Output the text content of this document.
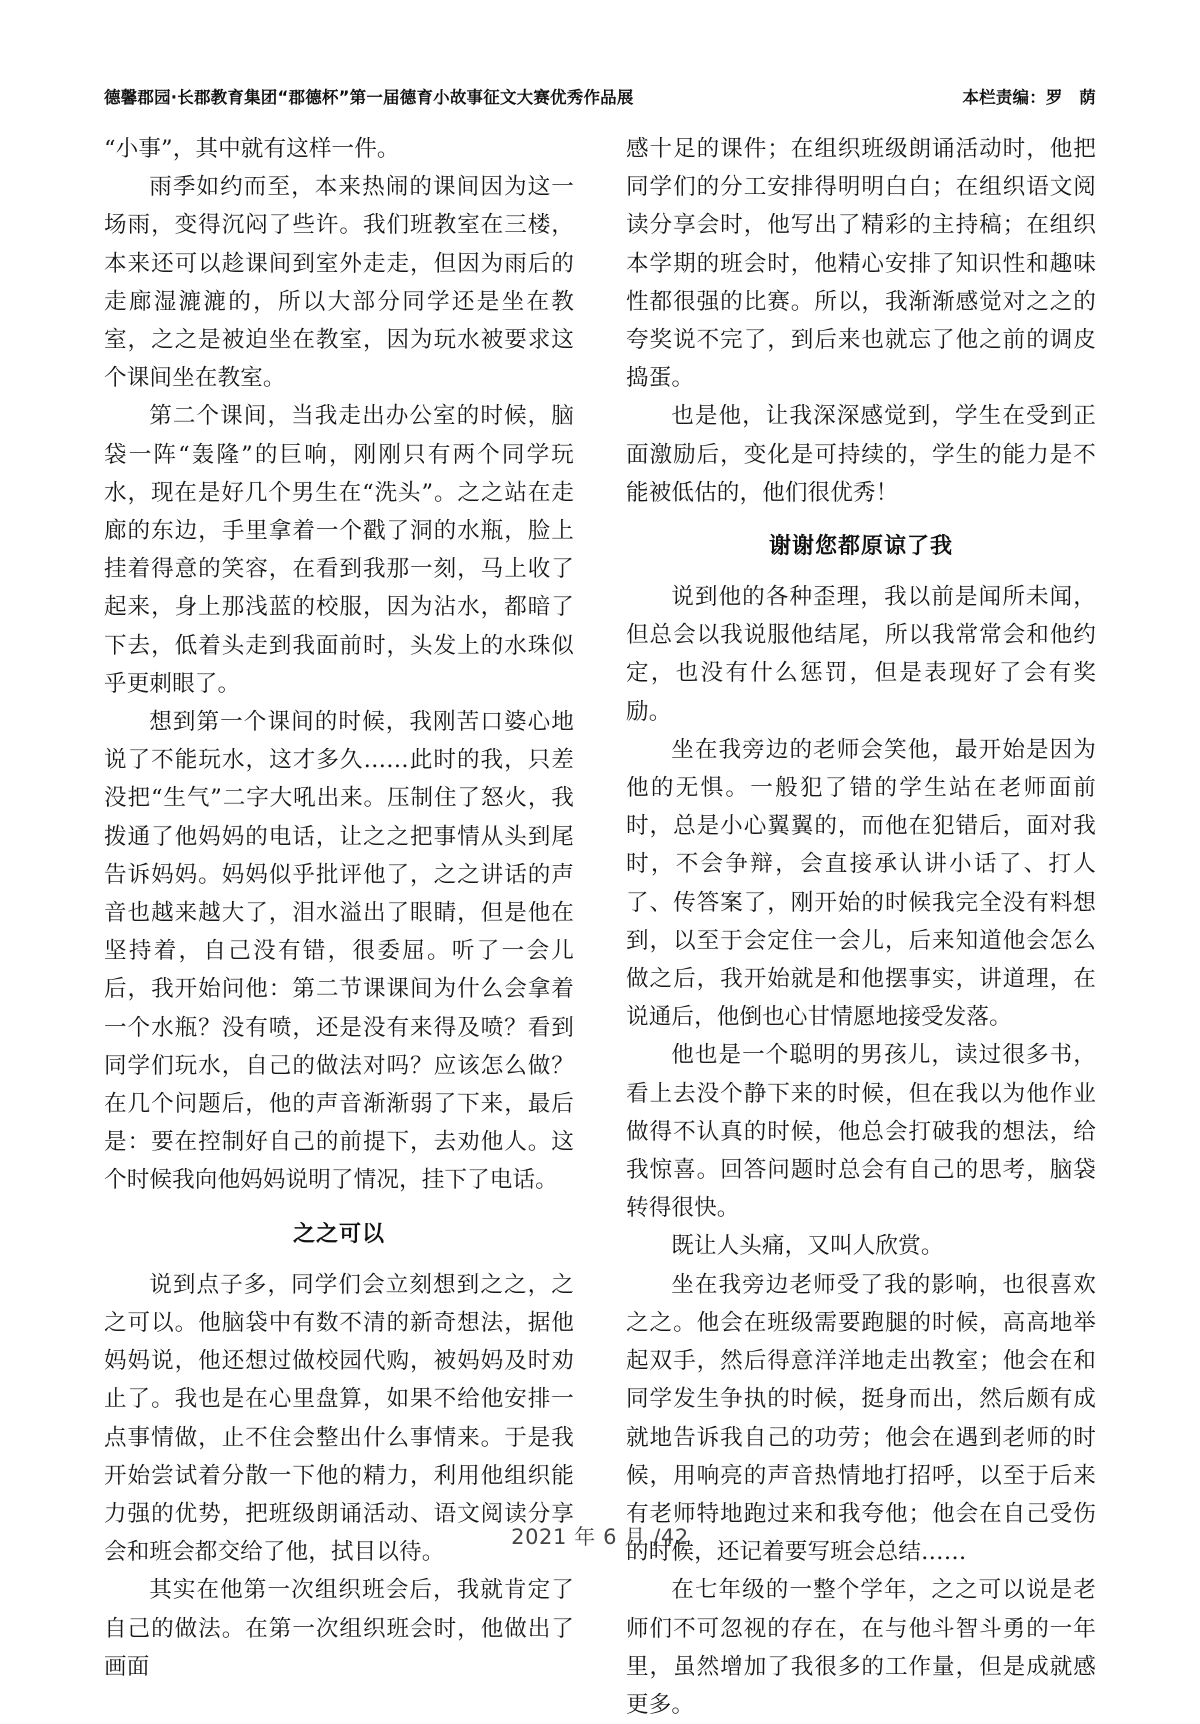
德馨郡园·长郡教育集团“郡德杯”第一届德育小故事征文大赛优秀作品展	本栏责编：罗　荫

“小事”，其中就有这样一件。

雨季如约而至，本来热闹的课间因为这一场雨，变得沉闷了些许。我们班教室在三楼，本来还可以趁课间到室外走走，但因为雨后的走廊湿漉漉的，所以大部分同学还是坐在教室，之之是被迫坐在教室，因为玩水被要求这个课间坐在教室。

第二个课间，当我走出办公室的时候，脑袋一阵“轰隆”的巨响，刚刚只有两个同学玩水，现在是好几个男生在“洗头”。之之站在走廊的东边，手里拿着一个戳了洞的水瓶，脸上挂着得意的笑容，在看到我那一刻，马上收了起来，身上那浅蓝的校服，因为沾水，都暗了下去，低着头走到我面前时，头发上的水珠似乎更刺眼了。

想到第一个课间的时候，我刚苦口婆心地说了不能玩水，这才多久……此时的我，只差没把“生气”二字大吼出来。压制住了怒火，我拨通了他妈妈的电话，让之之把事情从头到尾告诉妈妈。妈妈似乎批评他了，之之讲话的声音也越来越大了，泪水溢出了眼睛，但是他在坚持着，自己没有错，很委屈。听了一会儿后，我开始问他：第二节课课间为什么会拿着一个水瓶？没有喷，还是没有来得及喷？看到同学们玩水，自己的做法对吗？应该怎么做？在几个问题后，他的声音渐渐弱了下来，最后是：要在控制好自己的前提下，去劝他人。这个时候我向他妈妈说明了情况，挂下了电话。

之之可以

说到点子多，同学们会立刻想到之之，之之可以。他脑袋中有数不清的新奇想法，据他妈妈说，他还想过做校园代购，被妈妈及时劝止了。我也是在心里盘算，如果不给他安排一点事情做，止不住会整出什么事情来。于是我开始尝试着分散一下他的精力，利用他组织能力强的优势，把班级朗诵活动、语文阅读分享会和班会都交给了他，拭目以待。

其实在他第一次组织班会后，我就肯定了自己的做法。在第一次组织班会时，他做出了画面

感十足的课件；在组织班级朗诵活动时，他把同学们的分工安排得明明白白；在组织语文阅读分享会时，他写出了精彩的主持稿；在组织本学期的班会时，他精心安排了知识性和趣味性都很强的比赛。所以，我渐渐感觉对之之的夸奖说不完了，到后来也就忘了他之前的调皮捣蛋。

也是他，让我深深感觉到，学生在受到正面激励后，变化是可持续的，学生的能力是不能被低估的，他们很优秀！

谢谢您都原谅了我

说到他的各种歪理，我以前是闻所未闻，但总会以我说服他结尾，所以我常常会和他约定，也没有什么惩罚，但是表现好了会有奖励。

坐在我旁边的老师会笑他，最开始是因为他的无惧。一般犯了错的学生站在老师面前时，总是小心翼翼的，而他在犯错后，面对我时，不会争辩，会直接承认讲小话了、打人了、传答案了，刚开始的时候我完全没有料想到，以至于会定住一会儿，后来知道他会怎么做之后，我开始就是和他摆事实，讲道理，在说通后，他倒也心甘情愿地接受发落。

他也是一个聪明的男孩儿，读过很多书，看上去没个静下来的时候，但在我以为他作业做得不认真的时候，他总会打破我的想法，给我惊喜。回答问题时总会有自己的思考，脑袋转得很快。

既让人头痛，又叫人欣赏。

坐在我旁边老师受了我的影响，也很喜欢之之。他会在班级需要跑腿的时候，高高地举起双手，然后得意洋洋地走出教室；他会在和同学发生争执的时候，挺身而出，然后颇有成就地告诉我自己的功劳；他会在遇到老师的时候，用响亮的声音热情地打招呼，以至于后来有老师特地跑过来和我夸他；他会在自己受伤的时候，还记着要写班会总结……

在七年级的一整个学年，之之可以说是老师们不可忽视的存在，在与他斗智斗勇的一年里，虽然增加了我很多的工作量，但是成就感更多。

2021 年 6 月 /42
